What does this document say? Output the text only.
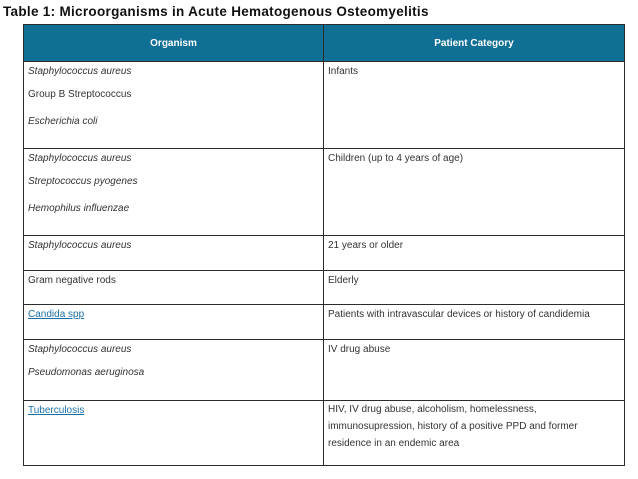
Table 1: Microorganisms in Acute Hematogenous Osteomyelitis
Organism	Patient Category

Staphylococcus aureus
Group B Streptococcus
Escherichia coli	Infants

Staphylococcus aureus
Streptococcus pyogenes
Hemophilus influenzae	Children (up to 4 years of age)

Staphylococcus aureus	21 years or older

Gram negative rods	Elderly

Candida spp	Patients with intravascular devices or history of candidemia

Staphylococcus aureus
Pseudomonas aeruginosa	IV drug abuse

Tuberculosis	HIV, IV drug abuse, alcoholism, homelessness,
immunosupression, history of a positive PPD and former
residence in an endemic area
